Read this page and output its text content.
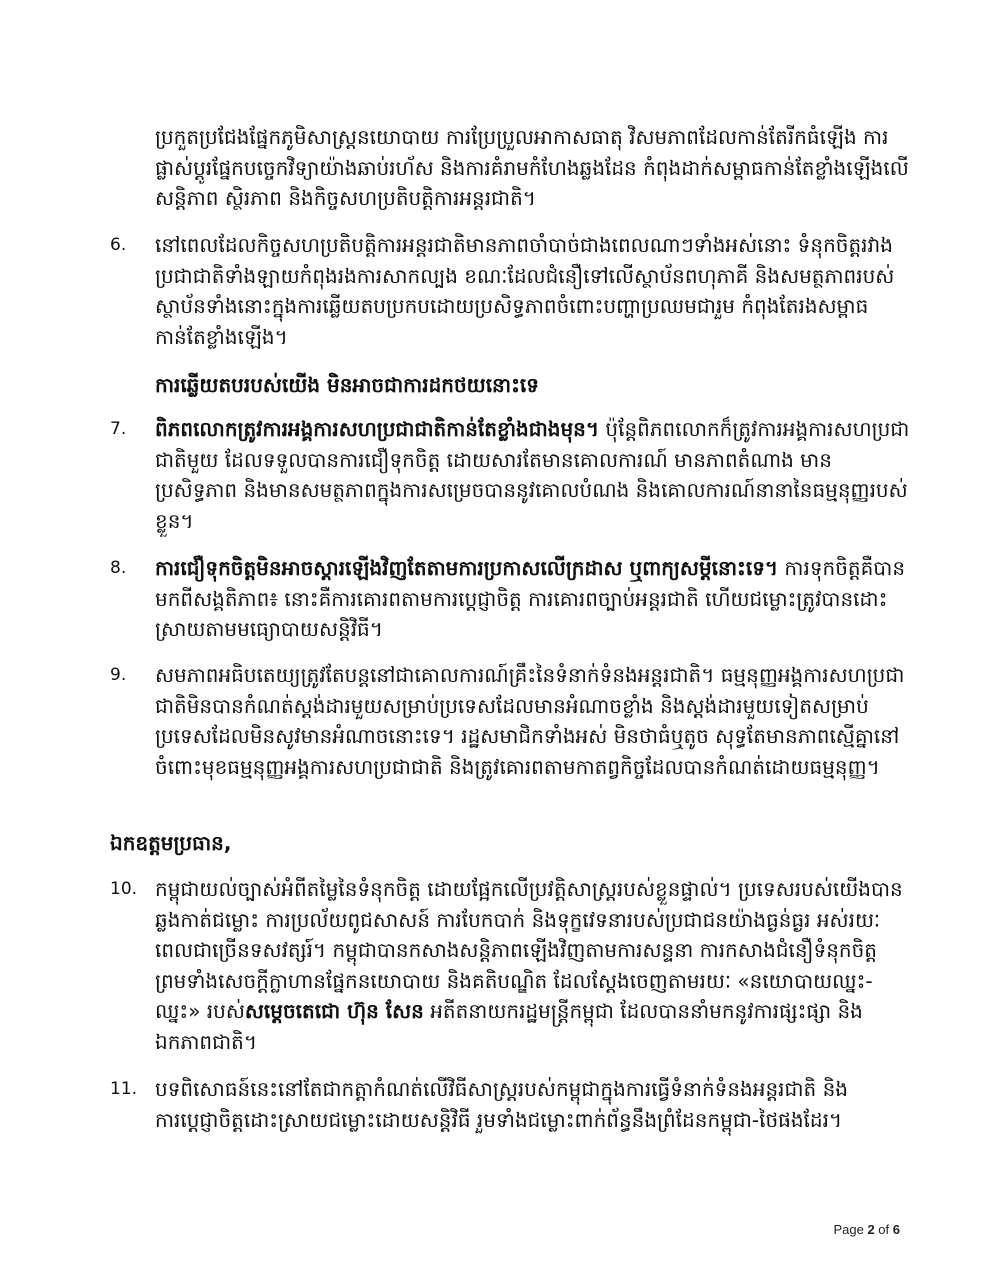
ប្រកួតប្រជែងផ្នែកភូមិសាស្ត្រនយោបាយ ការប្រែប្រួលអាកាសធាតុ វិសមភាពដែលកាន់តែរីកធំឡើង ការផ្លាស់ប្តូរផ្នែកបច្ចេកវិទ្យាយ៉ាងឆាប់រហ័ស និងការគំរាមកំហែងឆ្លងដែន កំពុងដាក់សម្ពាធកាន់តែខ្លាំងឡើងលើសន្តិភាព ស្ថិរភាព និងកិច្ចសហប្រតិបត្តិការអន្តរជាតិ។
6.	នៅពេលដែលកិច្ចសហប្រតិបត្តិការអន្តរជាតិមានភាពចាំបាច់ជាងពេលណាៗទាំងអស់នោះ ទំនុកចិត្តរវាងប្រជាជាតិទាំងឡាយកំពុងរងការសាកល្បង ខណៈដែលជំនឿទៅលើស្ថាប័នពហុភាគី និងសមត្ថភាពរបស់ស្ថាប័នទាំងនោះក្នុងការឆ្លើយតបប្រកបដោយប្រសិទ្ធភាពចំពោះបញ្ហាប្រឈមជារួម កំពុងតែរងសម្ពាធកាន់តែខ្លាំងឡើង។
ការឆ្លើយតបរបស់យើង មិនអាចជាការដកថយនោះទេ
7.	ពិភពលោកត្រូវការអង្គការសហប្រជាជាតិកាន់តែខ្លាំងជាងមុន។ ប៉ុន្តែពិភពលោកក៏ត្រូវការអង្គការសហប្រជាជាតិមួយ ដែលទទួលបានការជឿទុកចិត្ត ដោយសារតែមានគោលការណ៍ មានភាពតំណាង មានប្រសិទ្ធភាព និងមានសមត្ថភាពក្នុងការសម្រេចបាននូវគោលបំណង និងគោលការណ៍នានានៃធម្មនុញ្ញរបស់ខ្លួន។
8.	ការជឿទុកចិត្តមិនអាចស្តារឡើងវិញតែតាមការប្រកាសលើក្រដាស ឬពាក្យសម្តីនោះទេ។ ការទុកចិត្តគឺបានមកពីសង្គតិភាព៖ នោះគឺការគោរពតាមការប្តេជ្ញាចិត្ត ការគោរពច្បាប់អន្តរជាតិ ហើយជម្លោះត្រូវបានដោះស្រាយតាមមធ្យោបាយសន្តិវិធី។
9.	សមភាពអធិបតេយ្យត្រូវតែបន្តនៅជាគោលការណ៍គ្រឹះនៃទំនាក់ទំនងអន្តរជាតិ។ ធម្មនុញ្ញអង្គការសហប្រជាជាតិមិនបានកំណត់ស្តង់ដារមួយសម្រាប់ប្រទេសដែលមានអំណាចខ្លាំង និងស្តង់ដារមួយទៀតសម្រាប់ប្រទេសដែលមិនសូវមានអំណាចនោះទេ។ រដ្ឋសមាជិកទាំងអស់ មិនថាធំឬតូច សុទ្ធតែមានភាពស្មើគ្នានៅចំពោះមុខធម្មនុញ្ញអង្គការសហប្រជាជាតិ និងត្រូវគោរពតាមកាតព្វកិច្ចដែលបានកំណត់ដោយធម្មនុញ្ញ។
ឯកឧត្តមប្រធាន,
10. កម្ពុជាយល់ច្បាស់អំពីតម្លៃនៃទំនុកចិត្ត ដោយផ្អែកលើប្រវត្តិសាស្ត្ររបស់ខ្លួនផ្ទាល់។ ប្រទេសរបស់យើងបានឆ្លងកាត់ជម្លោះ ការប្រល័យពូជសាសន៍ ការបែកបាក់ និងទុក្ខវេទនារបស់ប្រជាជនយ៉ាងធ្ងន់ធ្ងរ អស់រយៈពេលជាច្រើនទសវត្សរ៍។ កម្ពុជាបានកសាងសន្តិភាពឡើងវិញតាមការសន្ទនា ការកសាងជំនឿទំនុកចិត្ត ព្រមទាំងសេចក្តីក្លាហានផ្នែកនយោបាយ និងគតិបណ្ឌិត ដែលស្តែងចេញតាមរយៈ «នយោបាយឈ្នះ-ឈ្នះ» របស់សម្តេចតេជោ ហ៊ុន សែន អតីតនាយករដ្ឋមន្ត្រីកម្ពុជា ដែលបាននាំមកនូវការផ្សះផ្សា និងឯកភាពជាតិ។
11. បទពិសោធន៍នេះនៅតែជាកត្តាកំណត់លើវិធីសាស្ត្ររបស់កម្ពុជាក្នុងការធ្វើទំនាក់ទំនងអន្តរជាតិ និងការប្តេជ្ញាចិត្តដោះស្រាយជម្លោះដោយសន្តិវិធី រួមទាំងជម្លោះពាក់ព័ន្ធនឹងព្រំដែនកម្ពុជា-ថៃផងដែរ។
Page 2 of 6
